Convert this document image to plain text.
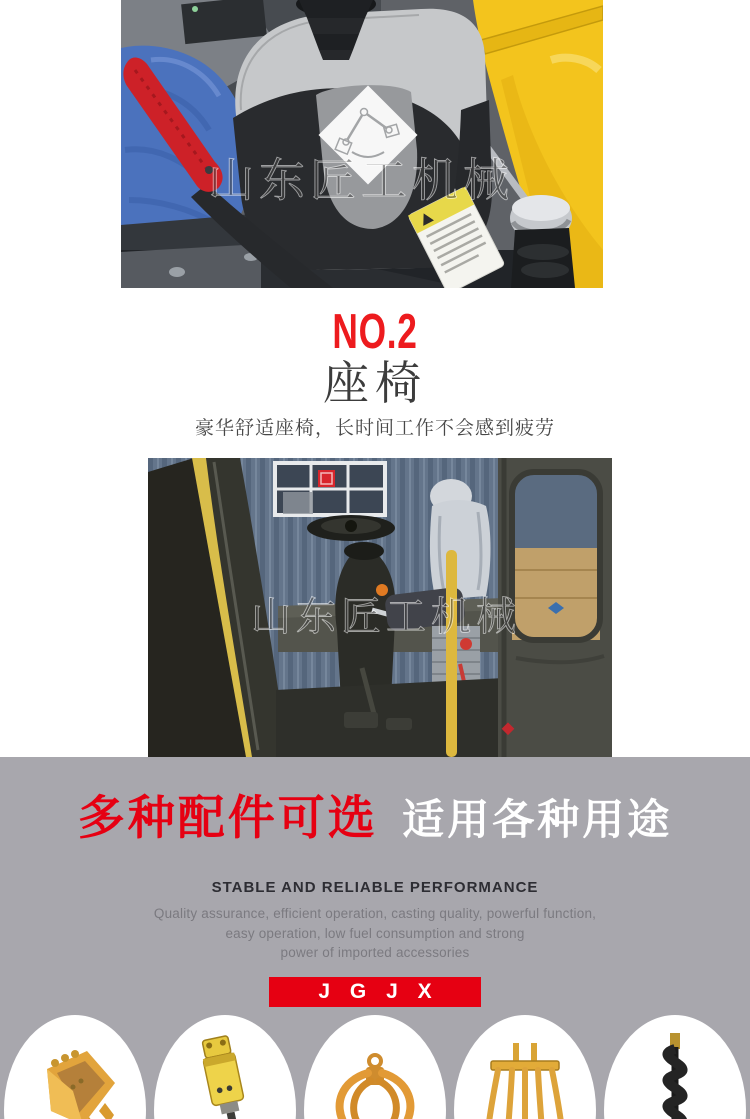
山东匠工机械
NO.2
座椅

豪华舒适座椅，长时间工作不会感到疲劳

山东匠工机械
多种配件可选 适用各种用途
STABLE AND RELIABLE PERFORMANCE
Quality assurance, efficient operation, casting quality, powerful function,
easy operation, low fuel consumption and strong
power of imported accessories
J G J X
